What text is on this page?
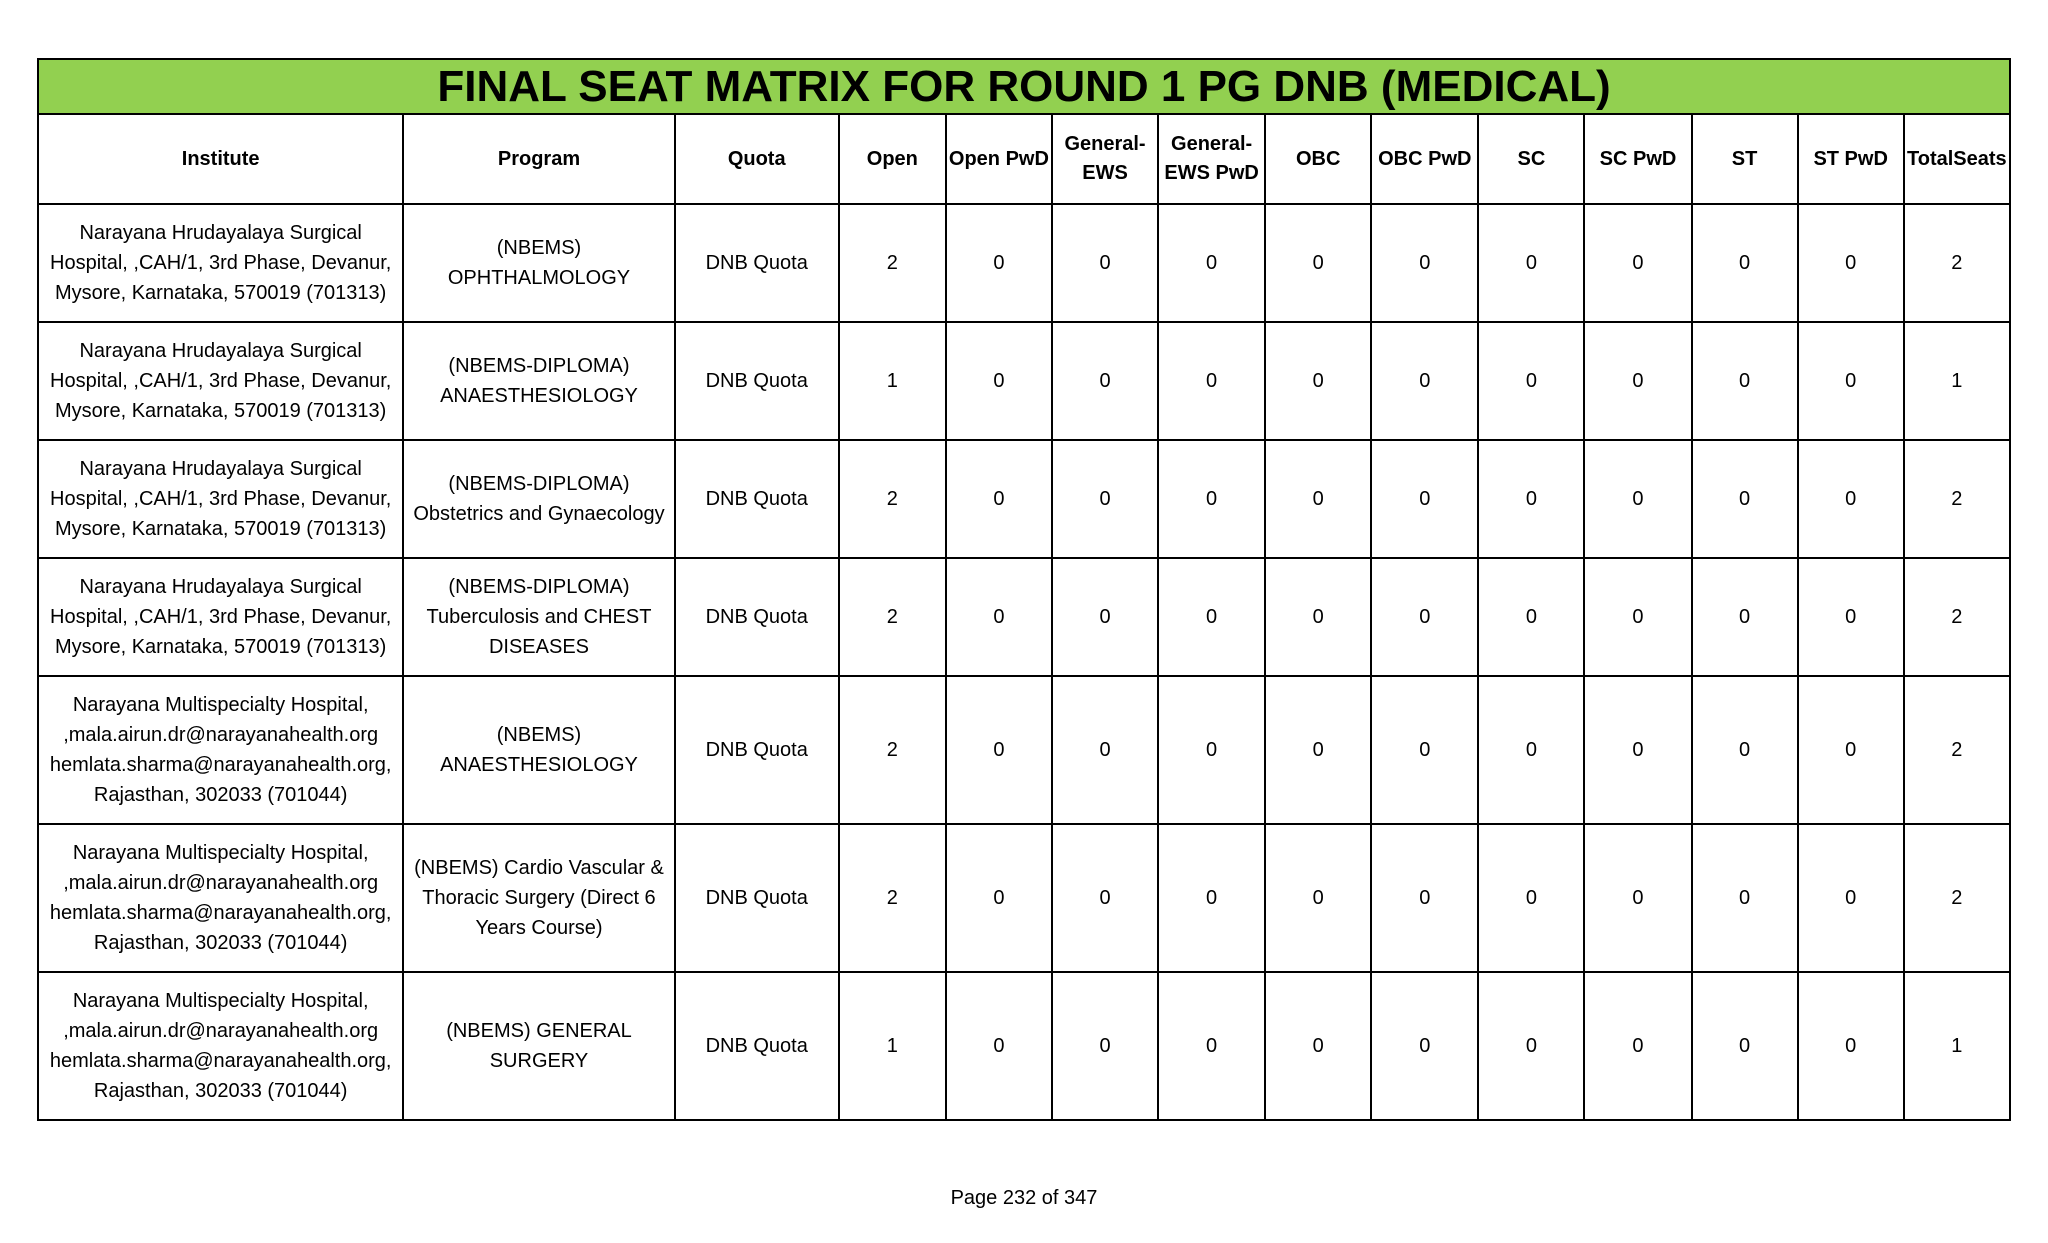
FINAL SEAT MATRIX FOR ROUND 1 PG DNB (MEDICAL)													
Institute	Program	Quota	Open	Open PwD	General-EWS	General-EWS PwD	OBC	OBC PwD	SC	SC PwD	ST	ST PwD	TotalSeats
Narayana Hrudayalaya Surgical Hospital, ,CAH/1, 3rd Phase, Devanur, Mysore, Karnataka, 570019 (701313)	(NBEMS) OPHTHALMOLOGY	DNB Quota	2	0	0	0	0	0	0	0	0	0	2
Narayana Hrudayalaya Surgical Hospital, ,CAH/1, 3rd Phase, Devanur, Mysore, Karnataka, 570019 (701313)	(NBEMS-DIPLOMA) ANAESTHESIOLOGY	DNB Quota	1	0	0	0	0	0	0	0	0	0	1
Narayana Hrudayalaya Surgical Hospital, ,CAH/1, 3rd Phase, Devanur, Mysore, Karnataka, 570019 (701313)	(NBEMS-DIPLOMA) Obstetrics and Gynaecology	DNB Quota	2	0	0	0	0	0	0	0	0	0	2
Narayana Hrudayalaya Surgical Hospital, ,CAH/1, 3rd Phase, Devanur, Mysore, Karnataka, 570019 (701313)	(NBEMS-DIPLOMA) Tuberculosis and CHEST DISEASES	DNB Quota	2	0	0	0	0	0	0	0	0	0	2
Narayana Multispecialty Hospital, ,mala.airun.dr@narayanahealth.org hemlata.sharma@narayanahealth.org, Rajasthan, 302033 (701044)	(NBEMS) ANAESTHESIOLOGY	DNB Quota	2	0	0	0	0	0	0	0	0	0	2
Narayana Multispecialty Hospital, ,mala.airun.dr@narayanahealth.org hemlata.sharma@narayanahealth.org, Rajasthan, 302033 (701044)	(NBEMS) Cardio Vascular & Thoracic Surgery (Direct 6 Years Course)	DNB Quota	2	0	0	0	0	0	0	0	0	0	2
Narayana Multispecialty Hospital, ,mala.airun.dr@narayanahealth.org hemlata.sharma@narayanahealth.org, Rajasthan, 302033 (701044)	(NBEMS) GENERAL SURGERY	DNB Quota	1	0	0	0	0	0	0	0	0	0	1
Page 232 of 347
